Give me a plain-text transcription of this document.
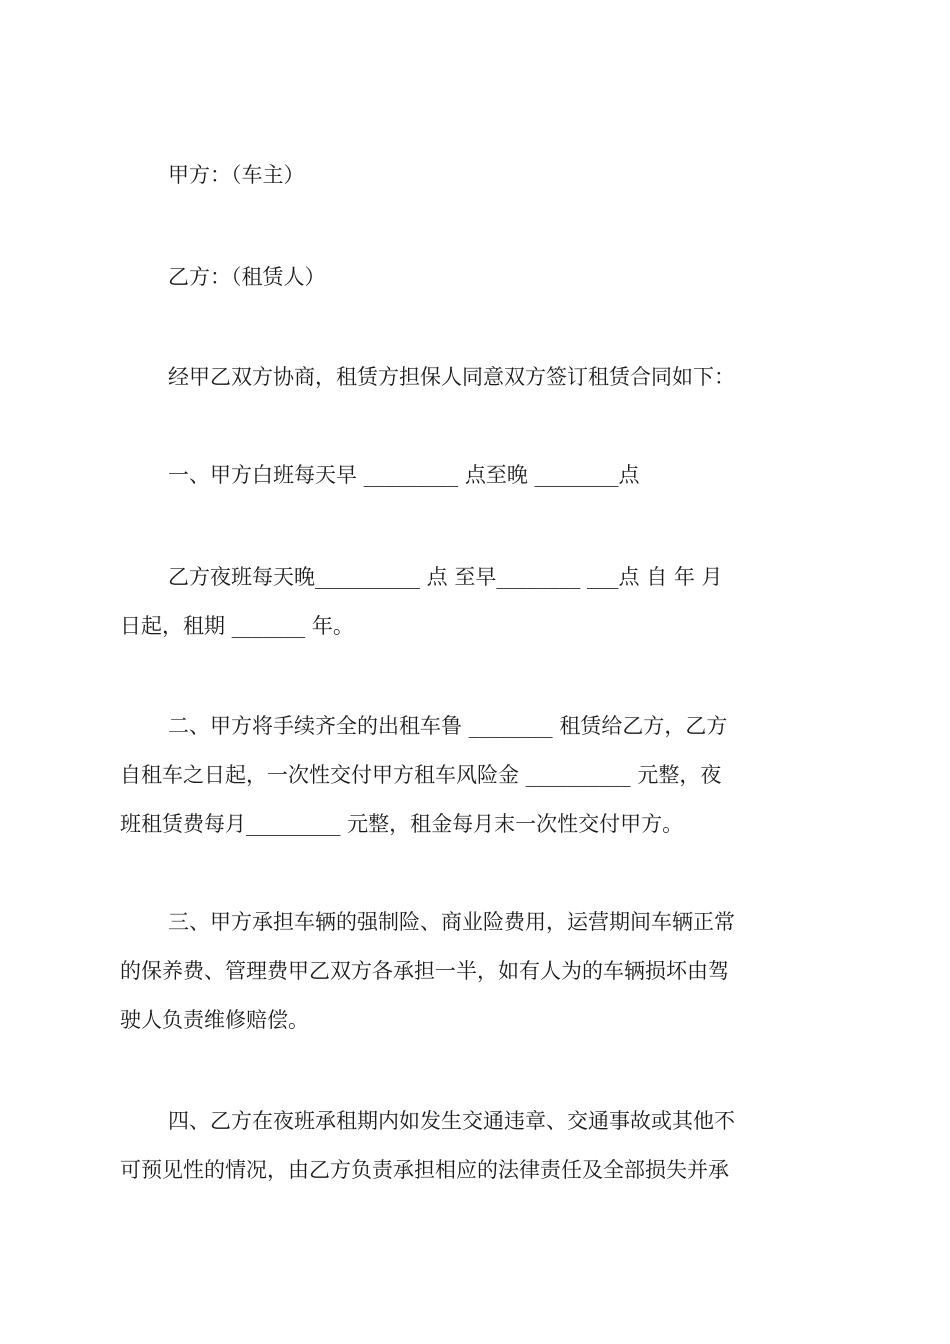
甲方：（车主）
乙方：（租赁人）
经甲乙双方协商，租赁方担保人同意双方签订租赁合同如下：
一、甲方白班每天早 _________ 点至晚 ________点
乙方夜班每天晚__________ 点 至早________ ___点 自 年 月
日起，租期 _______ 年。
二、甲方将手续齐全的出租车鲁 ________ 租赁给乙方，乙方
自租车之日起，一次性交付甲方租车风险金 __________ 元整，夜
班租赁费每月_________ 元整，租金每月末一次性交付甲方。
三、甲方承担车辆的强制险、商业险费用，运营期间车辆正常
的保养费、管理费甲乙双方各承担一半，如有人为的车辆损坏由驾
驶人负责维修赔偿。
四、乙方在夜班承租期内如发生交通违章、交通事故或其他不
可预见性的情况，由乙方负责承担相应的法律责任及全部损失并承
